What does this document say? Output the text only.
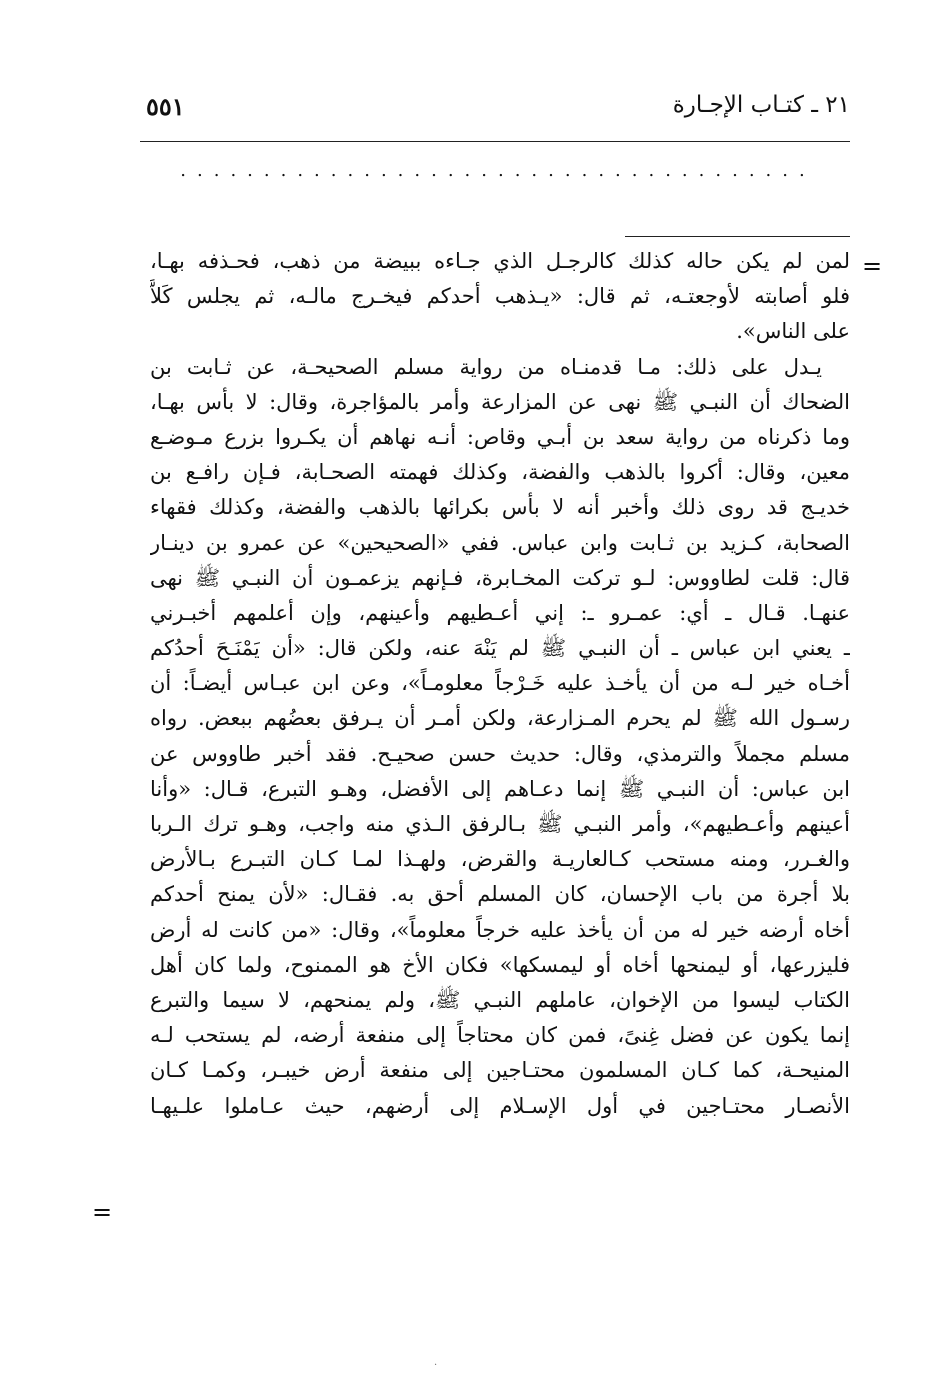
٥٥١	٢١ ـ كتـاب الإجـارة
......................................
=
لمن لم يكن حاله كذلك كالرجـل الذي جـاءه ببيضة من ذهب، فحـذفه بهـا،
فلو أصابته لأوجعتـه، ثم قال: «يـذهب أحدكم فيخـرج مالـه، ثم يجلس كَلاًّ
على الناس».
يـدل على ذلك: مـا قدمنـاه من رواية مسلم الصحيحـة، عن ثـابت بن
الضحاك أن النبـي ﷺ نهى عن المزارعة وأمر بالمؤاجرة، وقال: لا بأس بهـا،
وما ذكرناه من رواية سعد بن أبـي وقاص: أنـه نهاهم أن يكـروا بزرع مـوضـع
معين، وقال: أكروا بالذهب والفضة، وكذلك فهمته الصحـابة، فـإن رافـع بن
خديـج قد روى ذلك وأخبر أنه لا بأس بكرائها بالذهب والفضة، وكذلك فقهاء
الصحابة، كـزيد بن ثـابت وابن عباس. ففي «الصحيحين» عن عمرو بن دينـار
قال: قلت لطاووس: لـو تركت المخـابرة، فـإنهم يزعمـون أن النبـي ﷺ نهى
عنهـا. قـال ـ أي: عمـرو ـ: إني أعـطيهم وأعينهم، وإن أعلمهم أخبـرني
ـ يعني ابن عباس ـ أن النبـي ﷺ لم يَنْهَ عنه، ولكن قال: «أن يَمْنَـحَ أحدُكم
أخـاه خير لـه من أن يأخـذ عليه خَـرْجاً معلومـاً»، وعن ابن عبـاس أيضـاً: أن
رسـول الله ﷺ لم يحرم المـزارعة، ولكن أمـر أن يـرفق بعضُهم ببعض. رواه
مسلم مجملاً والترمذي، وقال: حديث حسن صحيـح. فقد أخبر طاووس عن
ابن عباس: أن النبـي ﷺ إنما دعـاهم إلى الأفضل، وهـو التبرع، قـال: «وأنا
أعينهم وأعـطيهم»، وأمر النبـي ﷺ بـالرفق الـذي منه واجب، وهـو ترك الـربا
والغـرر، ومنه مستحب كـالعاريـة والقرض، ولهـذا لمـا كـان التبـرع بـالأرض
بلا أجرة من باب الإحسان، كان المسلم أحق به. فقـال: «لأن يمنح أحدكم
أخاه أرضه خير له من أن يأخذ عليه خرجاً معلوماً»، وقال: «من كانت له أرض
فليزرعها، أو ليمنحها أخاه أو ليمسكها» فكان الأخ هو الممنوح، ولما كان أهل
الكتاب ليسوا من الإخوان، عاملهم النبـي ﷺ، ولم يمنحهم، لا سيما والتبرع
إنما يكون عن فضل غِنىً، فمن كان محتاجاً إلى منفعة أرضه، لم يستحب لـه
المنيحـة، كما كـان المسلمون محتـاجين إلى منفعة أرض خيبـر، وكمـا كـان
الأنصـار محتـاجين في أول الإسـلام إلى أرضهم، حيث عـاملوا علـيهـا
=
·
